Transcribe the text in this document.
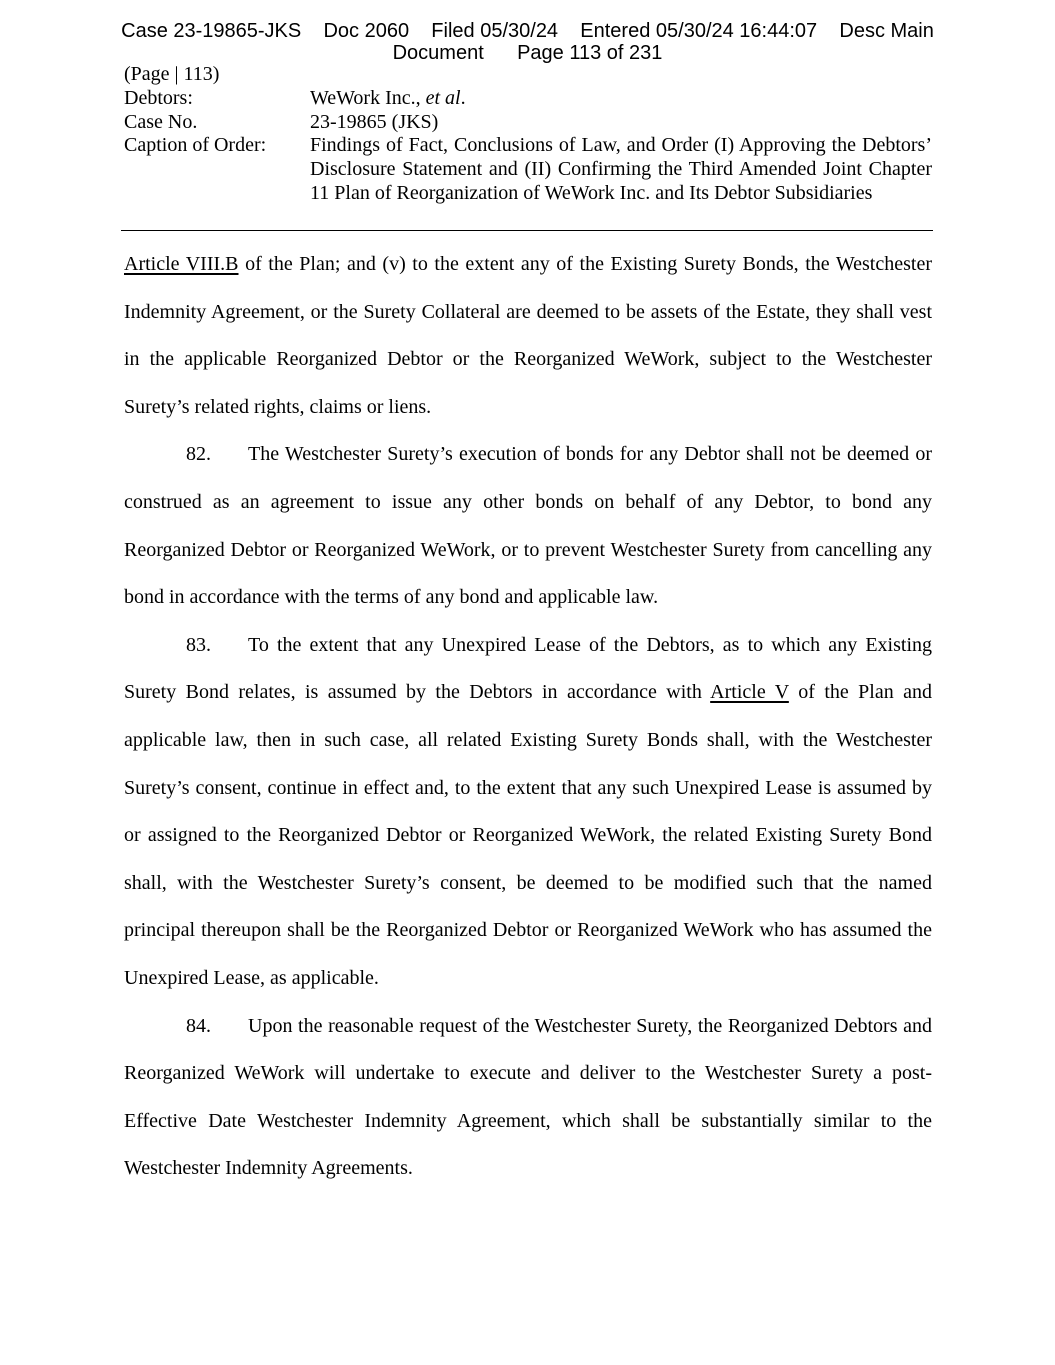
Case 23-19865-JKS    Doc 2060    Filed 05/30/24    Entered 05/30/24 16:44:07    Desc Main
Document      Page 113 of 231
(Page | 113)
Debtors:	WeWork Inc., et al.
Case No.	23-19865 (JKS)
Caption of Order:	Findings of Fact, Conclusions of Law, and Order (I) Approving the Debtors’ Disclosure Statement and (II) Confirming the Third Amended Joint Chapter 11 Plan of Reorganization of WeWork Inc. and Its Debtor Subsidiaries

Article VIII.B of the Plan; and (v) to the extent any of the Existing Surety Bonds, the Westchester Indemnity Agreement, or the Surety Collateral are deemed to be assets of the Estate, they shall vest in the applicable Reorganized Debtor or the Reorganized WeWork, subject to the Westchester Surety’s related rights, claims or liens.

82. The Westchester Surety’s execution of bonds for any Debtor shall not be deemed or construed as an agreement to issue any other bonds on behalf of any Debtor, to bond any Reorganized Debtor or Reorganized WeWork, or to prevent Westchester Surety from cancelling any bond in accordance with the terms of any bond and applicable law.

83. To the extent that any Unexpired Lease of the Debtors, as to which any Existing Surety Bond relates, is assumed by the Debtors in accordance with Article V of the Plan and applicable law, then in such case, all related Existing Surety Bonds shall, with the Westchester Surety’s consent, continue in effect and, to the extent that any such Unexpired Lease is assumed by or assigned to the Reorganized Debtor or Reorganized WeWork, the related Existing Surety Bond shall, with the Westchester Surety’s consent, be deemed to be modified such that the named principal thereupon shall be the Reorganized Debtor or Reorganized WeWork who has assumed the Unexpired Lease, as applicable.

84. Upon the reasonable request of the Westchester Surety, the Reorganized Debtors and Reorganized WeWork will undertake to execute and deliver to the Westchester Surety a post-Effective Date Westchester Indemnity Agreement, which shall be substantially similar to the Westchester Indemnity Agreements.
